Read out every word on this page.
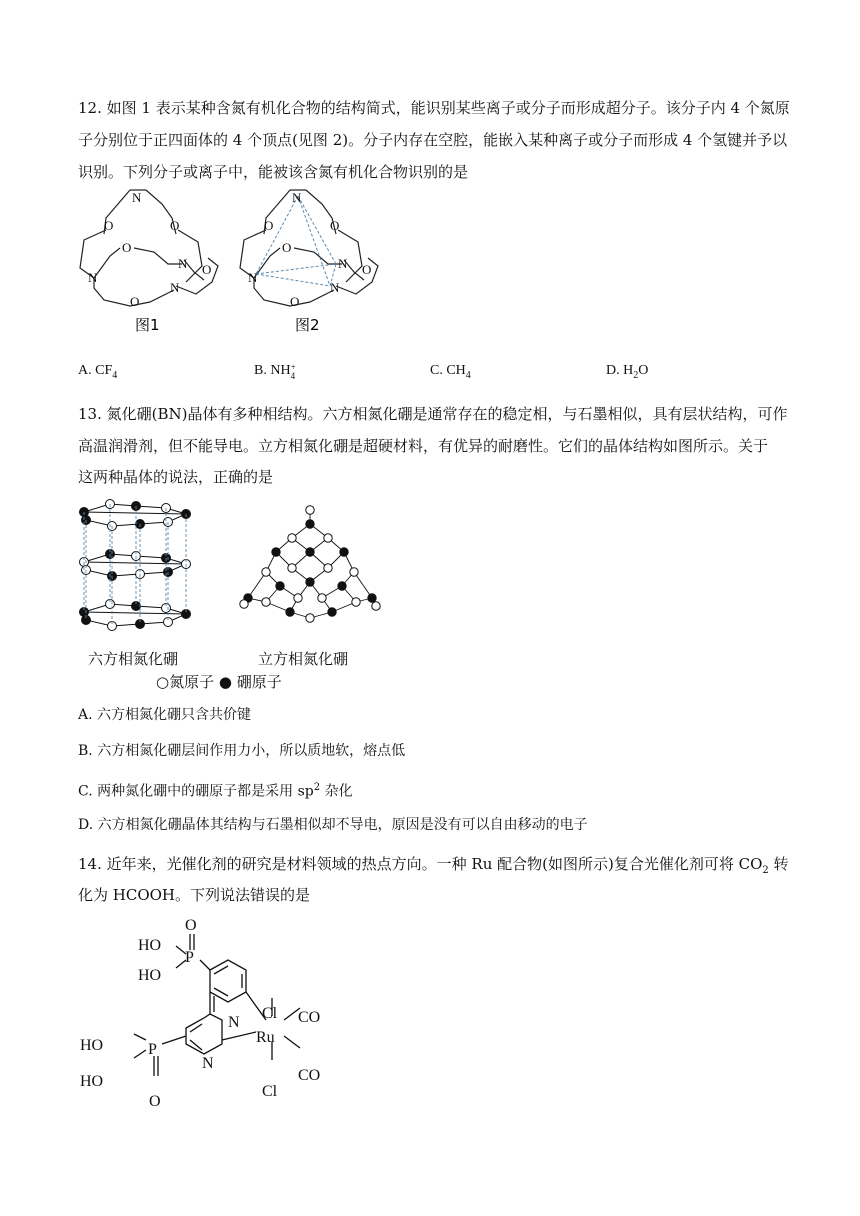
12. 如图 1 表示某种含氮有机化合物的结构简式，能识别某些离子或分子而形成超分子。该分子内 4 个氮原
子分别位于正四面体的 4 个顶点(见图 2)。分子内存在空腔，能嵌入某种离子或分子而形成 4 个氢键并予以
识别。下列分子或离子中，能被该含氮有机化合物识别的是
N
O	O
O
N
N O
N
O
图1
N
O	O
O
N
N O
N
O
图2
A. $CF_4$	B. NH +
4	C. $CH_4$	D. $H_2O$
13. 氮化硼(BN)晶体有多种相结构。六方相氮化硼是通常存在的稳定相，与石墨相似，具有层状结构，可作
高温润滑剂，但不能导电。立方相氮化硼是超硬材料，有优异的耐磨性。它们的晶体结构如图所示。关于
这两种晶体的说法，正确的是
六方相氮化硼	立方相氮化硼
○氮原子 ● 硼原子
A. 六方相氮化硼只含共价键
B. 六方相氮化硼层间作用力小，所以质地软，熔点低
C. 两种氮化硼中的硼原子都是采用 $sp^2$ 杂化
D. 六方相氮化硼晶体其结构与石墨相似却不导电，原因是没有可以自由移动的电子
14. 近年来，光催化剂的研究是材料领域的热点方向。一种 Ru 配合物(如图所示)复合光催化剂可将 $CO_2$ 转
化为 HCOOH。下列说法错误的是
O
HO
P
HO
N
Cl CO
HO	Ru
P
N
CO
HO
Cl
O
